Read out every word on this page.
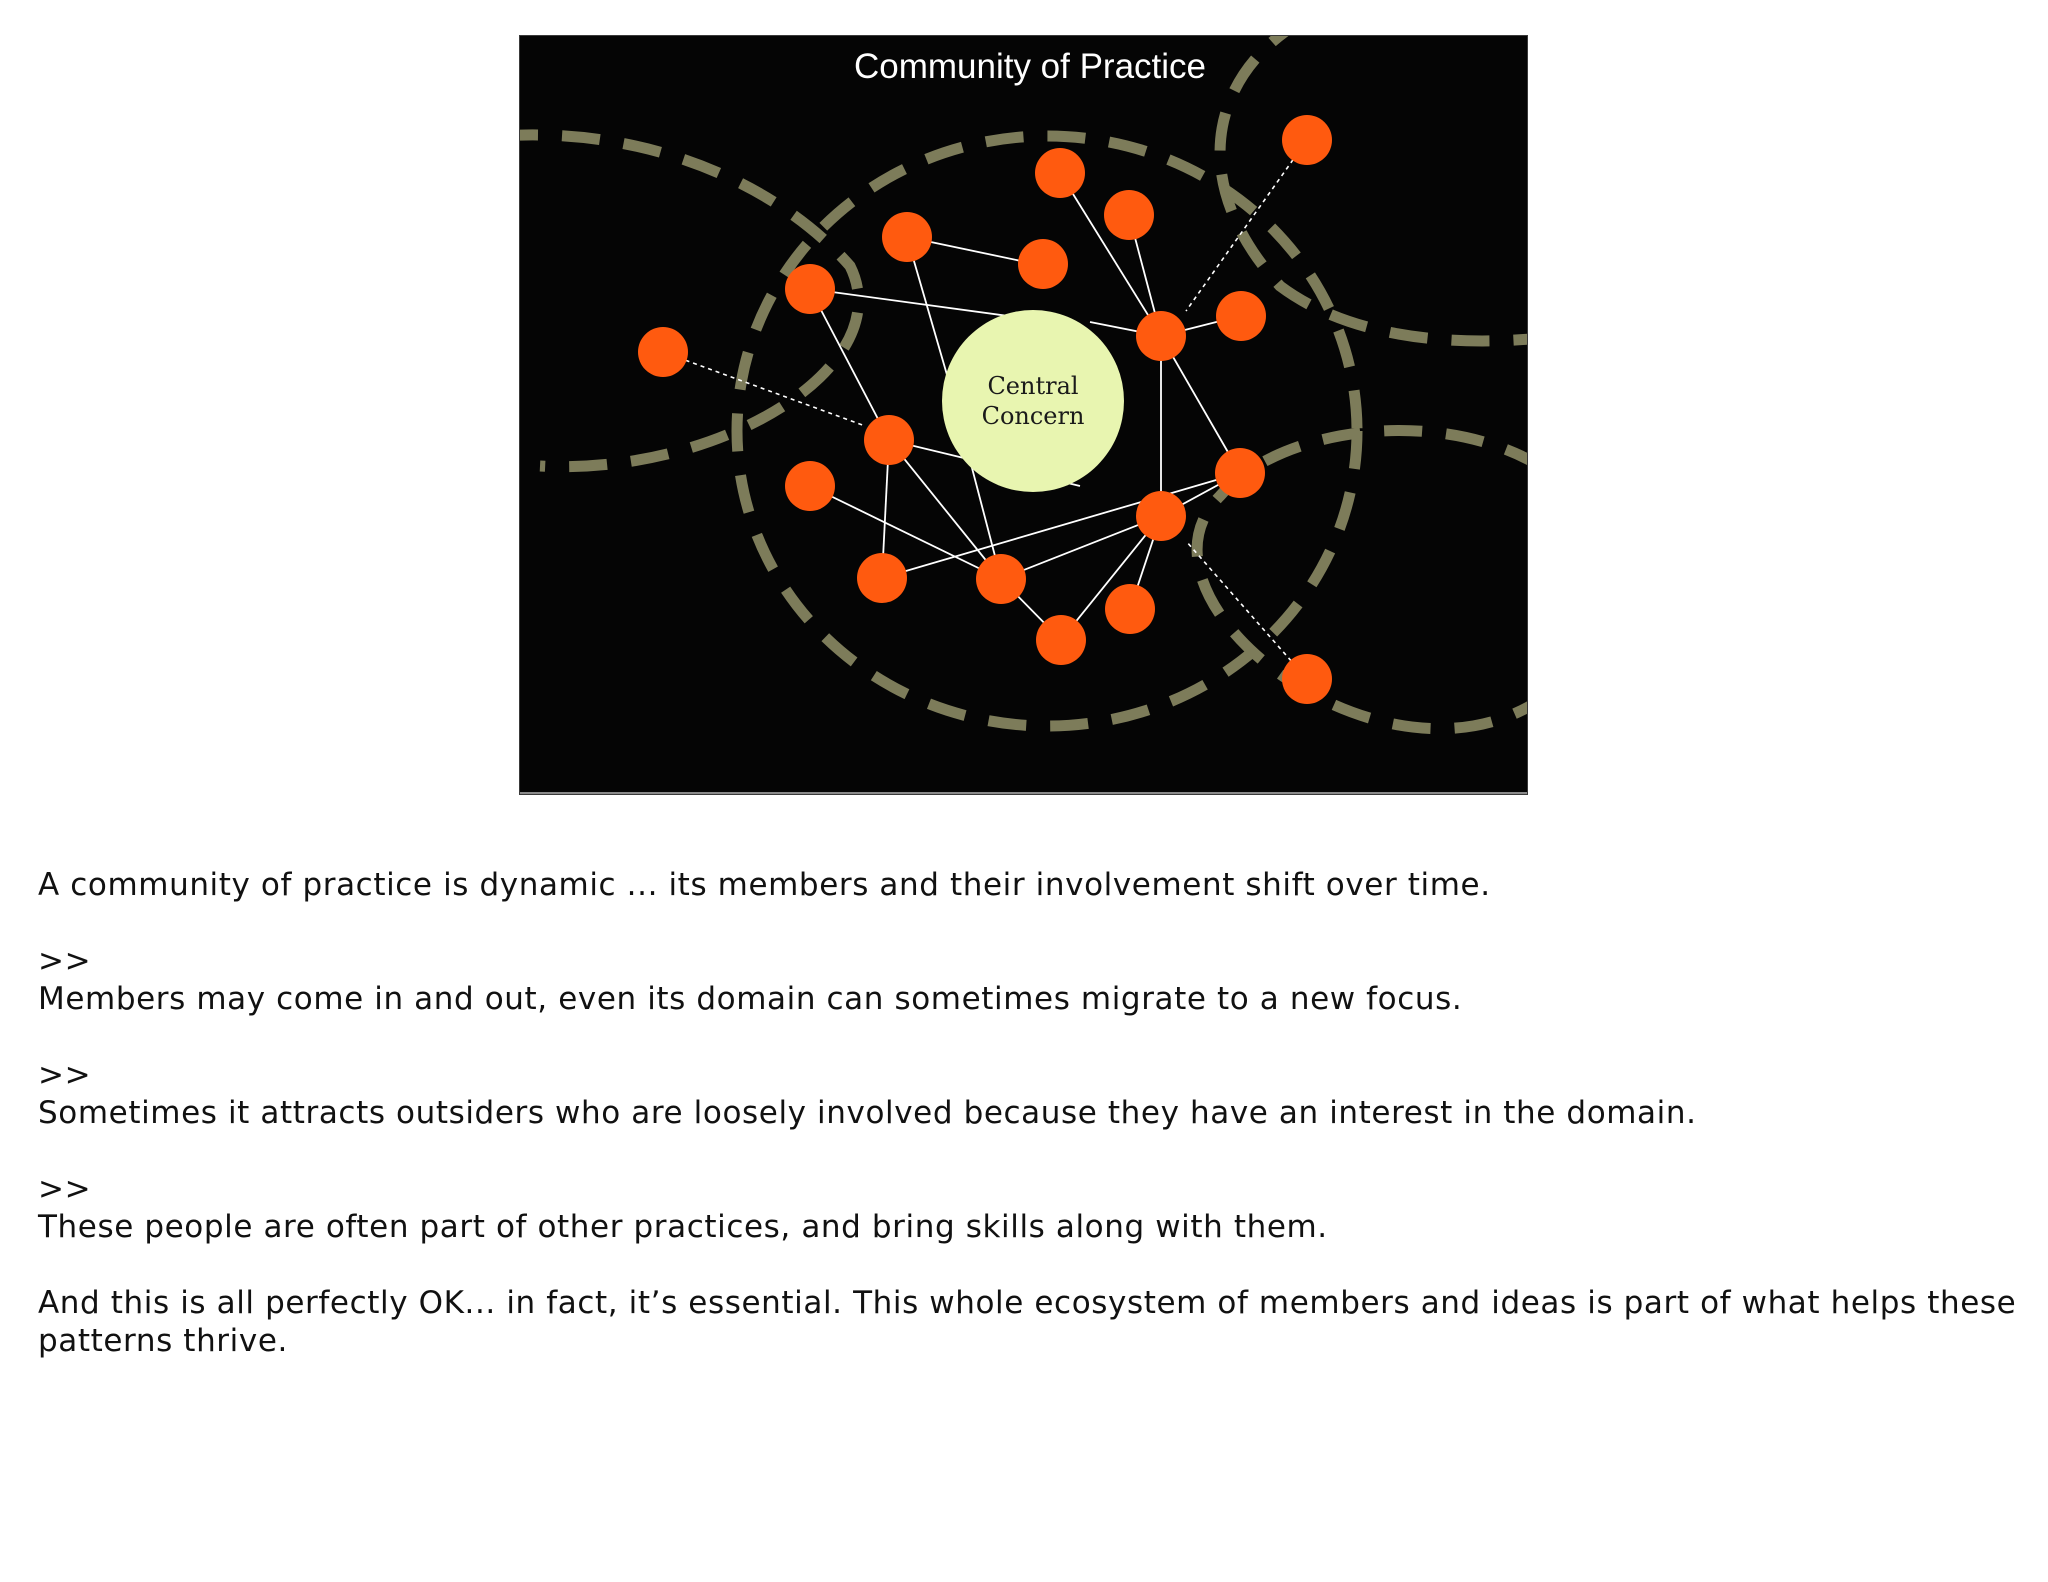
Central
Concern
Community of Practice

A community of practice is dynamic ... its members and their involvement shift over time.

>>

Members may come in and out, even its domain can sometimes migrate to a new focus.

>>

Sometimes it attracts outsiders who are loosely involved because they have an interest in the domain.

>>

These people are often part of other practices, and bring skills along with them.

And this is all perfectly OK... in fact, it’s essential. This whole ecosystem of members and ideas is part of what helps these patterns thrive.
